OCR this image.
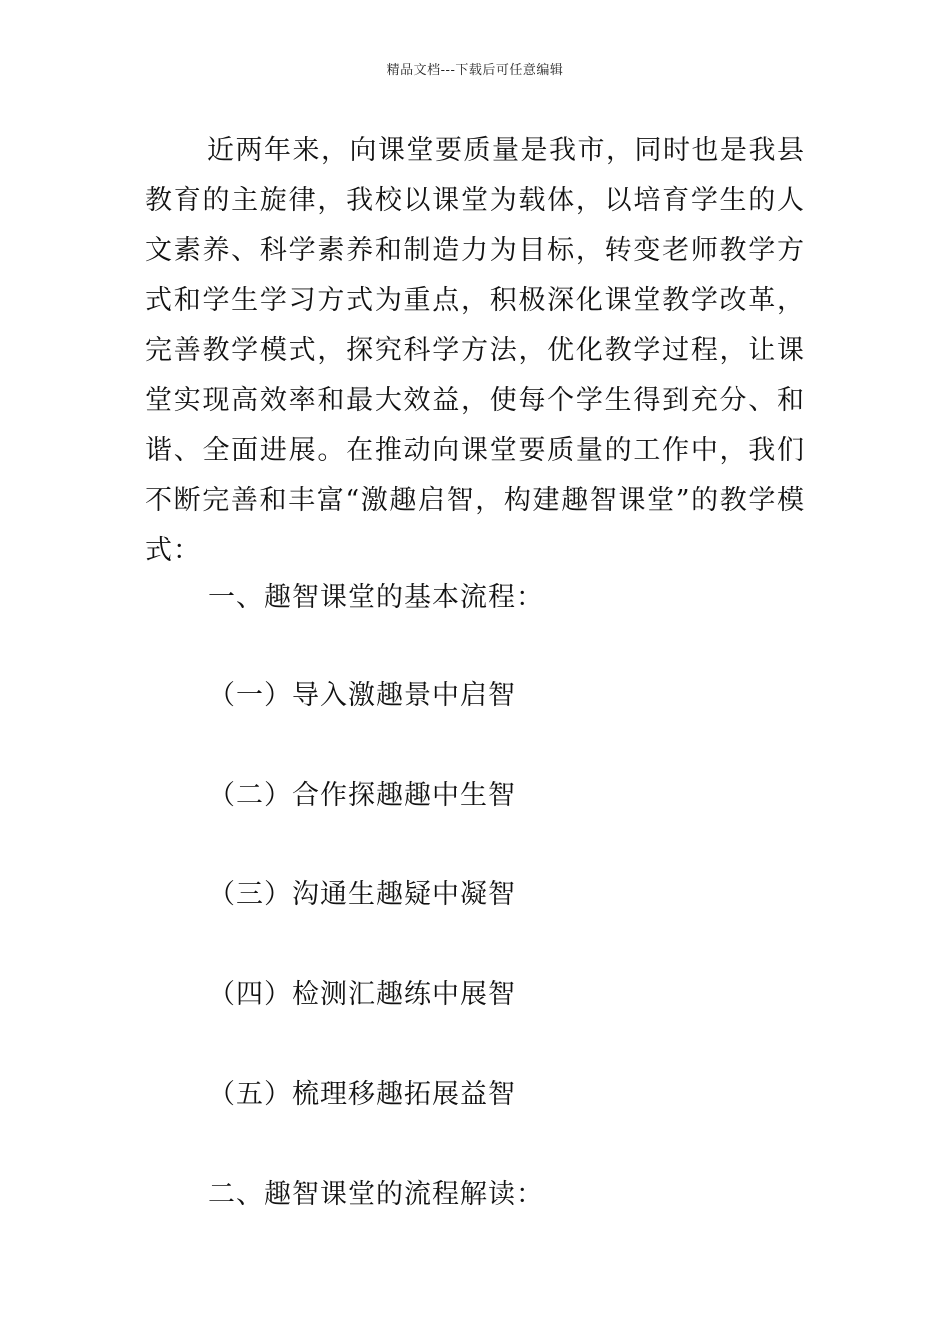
精品文档---下载后可任意编辑

近两年来，向课堂要质量是我市，同时也是我县教育的主旋律，我校以课堂为载体，以培育学生的人文素养、科学素养和制造力为目标，转变老师教学方式和学生学习方式为重点，积极深化课堂教学改革，完善教学模式，探究科学方法，优化教学过程，让课堂实现高效率和最大效益，使每个学生得到充分、和谐、全面进展。在推动向课堂要质量的工作中，我们不断完善和丰富“激趣启智，构建趣智课堂”的教学模式：

一、趣智课堂的基本流程：
（一）导入激趣景中启智
（二）合作探趣趣中生智
（三）沟通生趣疑中凝智
（四）检测汇趣练中展智
（五）梳理移趣拓展益智
二、趣智课堂的流程解读：
